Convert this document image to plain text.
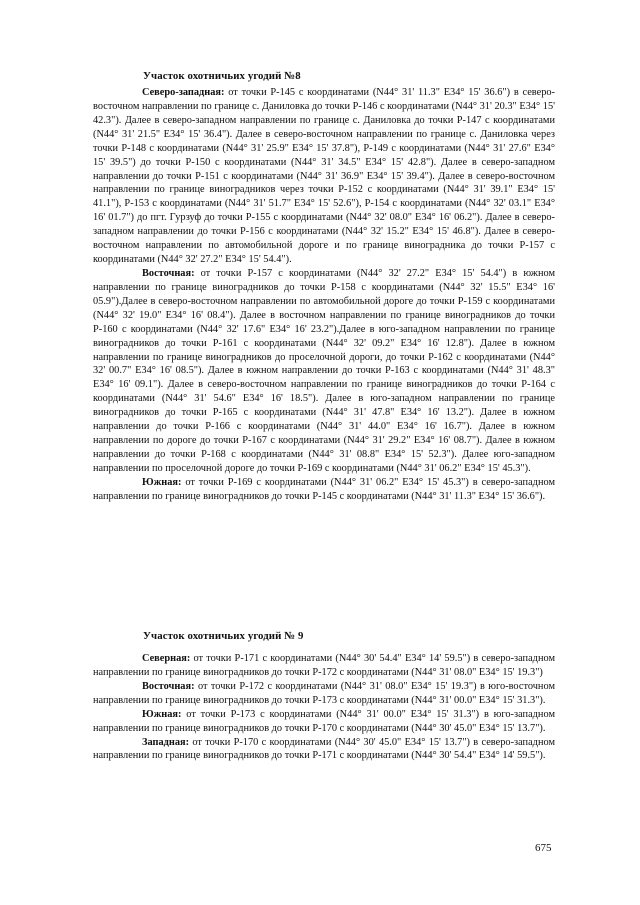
Участок охотничьих угодий №8

Северо-западная: от точки Р-145 с координатами (N44° 31' 11.3" E34° 15' 36.6") в северо-восточном направлении по границе с. Даниловка до точки Р-146 с координатами (N44° 31' 20.3" E34° 15' 42.3"). Далее в северо-западном направлении по границе с. Даниловка до точки Р-147 с координатами (N44° 31' 21.5" E34° 15' 36.4"). Далее в северо-восточном направлении по границе с. Даниловка через точки Р-148 с координатами (N44° 31' 25.9" E34° 15' 37.8"), Р-149 с координатами (N44° 31' 27.6" E34° 15' 39.5") до точки Р-150 с координатами (N44° 31' 34.5" E34° 15' 42.8"). Далее в северо-западном направлении до точки Р-151 с координатами (N44° 31' 36.9" E34° 15' 39.4"). Далее в северо-восточном направлении по границе виноградников через точки Р-152 с координатами (N44° 31' 39.1" E34° 15' 41.1"), Р-153 с координатами (N44° 31' 51.7" E34° 15' 52.6"), Р-154 с координатами (N44° 32' 03.1" E34° 16' 01.7") до пгт. Гурзуф до точки Р-155 с координатами (N44° 32' 08.0" E34° 16' 06.2"). Далее в северо-западном направлении до точки Р-156 с координатами (N44° 32' 15.2" E34° 15' 46.8"). Далее в северо-восточном направлении по автомобильной дороге и по границе виноградника до точки Р-157 с координатами (N44° 32' 27.2" E34° 15' 54.4").

Восточная: от точки Р-157 с координатами (N44° 32' 27.2" E34° 15' 54.4") в южном направлении по границе виноградников до точки Р-158 с координатами (N44° 32' 15.5" E34° 16' 05.9").Далее в северо-восточном направлении по автомобильной дороге до точки Р-159 с координатами (N44° 32' 19.0" E34° 16' 08.4"). Далее в восточном направлении по границе виноградников до точки Р-160 с координатами (N44° 32' 17.6" E34° 16' 23.2").Далее в юго-западном направлении по границе виноградников до точки Р-161 с координатами (N44° 32' 09.2" E34° 16' 12.8"). Далее в южном направлении по границе виноградников до проселочной дороги, до точки Р-162 с координатами (N44° 32' 00.7" E34° 16' 08.5"). Далее в южном направлении до точки Р-163 с координатами (N44° 31' 48.3" E34° 16' 09.1"). Далее в северо-восточном направлении по границе виноградников до точки Р-164 с координатами (N44° 31' 54.6" E34° 16' 18.5"). Далее в юго-западном направлении по границе виноградников до точки Р-165 с координатами (N44° 31' 47.8" E34° 16' 13.2"). Далее в южном направлении до точки Р-166 с координатами (N44° 31' 44.0" E34° 16' 16.7"). Далее в южном направлении по дороге до точки Р-167 с координатами (N44° 31' 29.2" E34° 16' 08.7"). Далее в южном направлении до точки Р-168 с координатами (N44° 31' 08.8" E34° 15' 52.3"). Далее юго-западном направлении по проселочной дороге до точки Р-169 с координатами (N44° 31' 06.2" E34° 15' 45.3").

Южная: от точки Р-169 с координатами (N44° 31' 06.2" E34° 15' 45.3") в северо-западном направлении по границе виноградников до точки Р-145 с координатами (N44° 31' 11.3" E34° 15' 36.6").

Участок охотничьих угодий № 9

Северная: от точки Р-171 с координатами (N44° 30' 54.4" E34° 14' 59.5") в северо-западном направлении по границе виноградников до точки Р-172 с координатами (N44° 31' 08.0" E34° 15' 19.3")

Восточная: от точки Р-172 с координатами (N44° 31' 08.0" E34° 15' 19.3") в юго-восточном направлении по границе виноградников до точки Р-173 с координатами (N44° 31' 00.0" E34° 15' 31.3").

Южная: от точки Р-173 с координатами (N44° 31' 00.0" E34° 15' 31.3") в юго-западном направлении по границе виноградников до точки Р-170 с координатами (N44° 30' 45.0" E34° 15' 13.7").

Западная: от точки Р-170 с координатами (N44° 30' 45.0" E34° 15' 13.7") в северо-западном направлении по границе виноградников до точки Р-171 с координатами (N44° 30' 54.4" E34° 14' 59.5").

675
